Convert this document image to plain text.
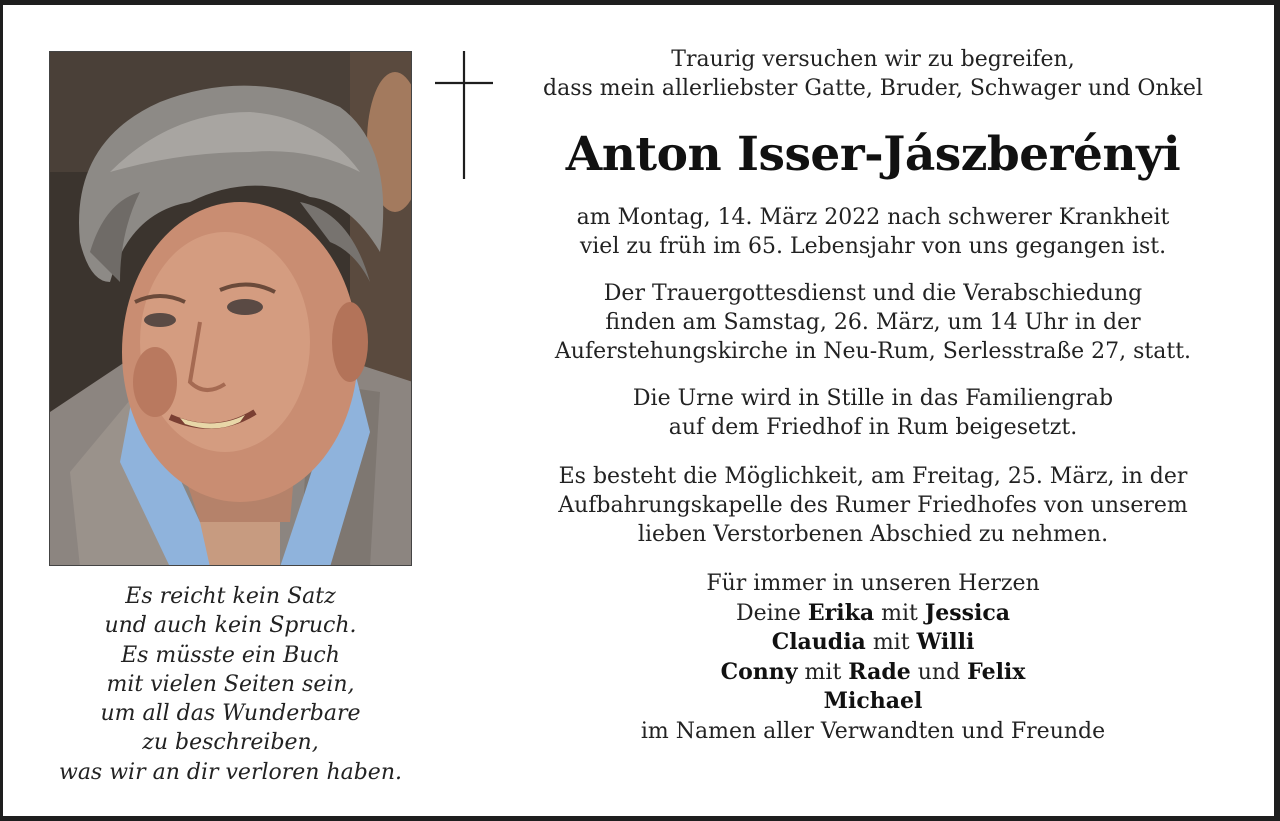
Es reicht kein Satz
und auch kein Spruch.
Es müsste ein Buch
mit vielen Seiten sein,
um all das Wunderbare
zu beschreiben,
was wir an dir verloren haben.

Traurig versuchen wir zu begreifen,

dass mein allerliebster Gatte, Bruder, Schwager und Onkel

Anton Isser-Jászberényi

am Montag, 14. März 2022 nach schwerer Krankheit

viel zu früh im 65. Lebensjahr von uns gegangen ist.

Der Trauergottesdienst und die Verabschiedung

finden am Samstag, 26. März, um 14 Uhr in der

Auferstehungskirche in Neu-Rum, Serlesstraße 27, statt.

Die Urne wird in Stille in das Familiengrab

auf dem Friedhof in Rum beigesetzt.

Es besteht die Möglichkeit, am Freitag, 25. März, in der

Aufbahrungskapelle des Rumer Friedhofes von unserem

lieben Verstorbenen Abschied zu nehmen.

Für immer in unseren Herzen

Deine Erika mit Jessica

Claudia mit Willi

Conny mit Rade und Felix

Michael

im Namen aller Verwandten und Freunde
